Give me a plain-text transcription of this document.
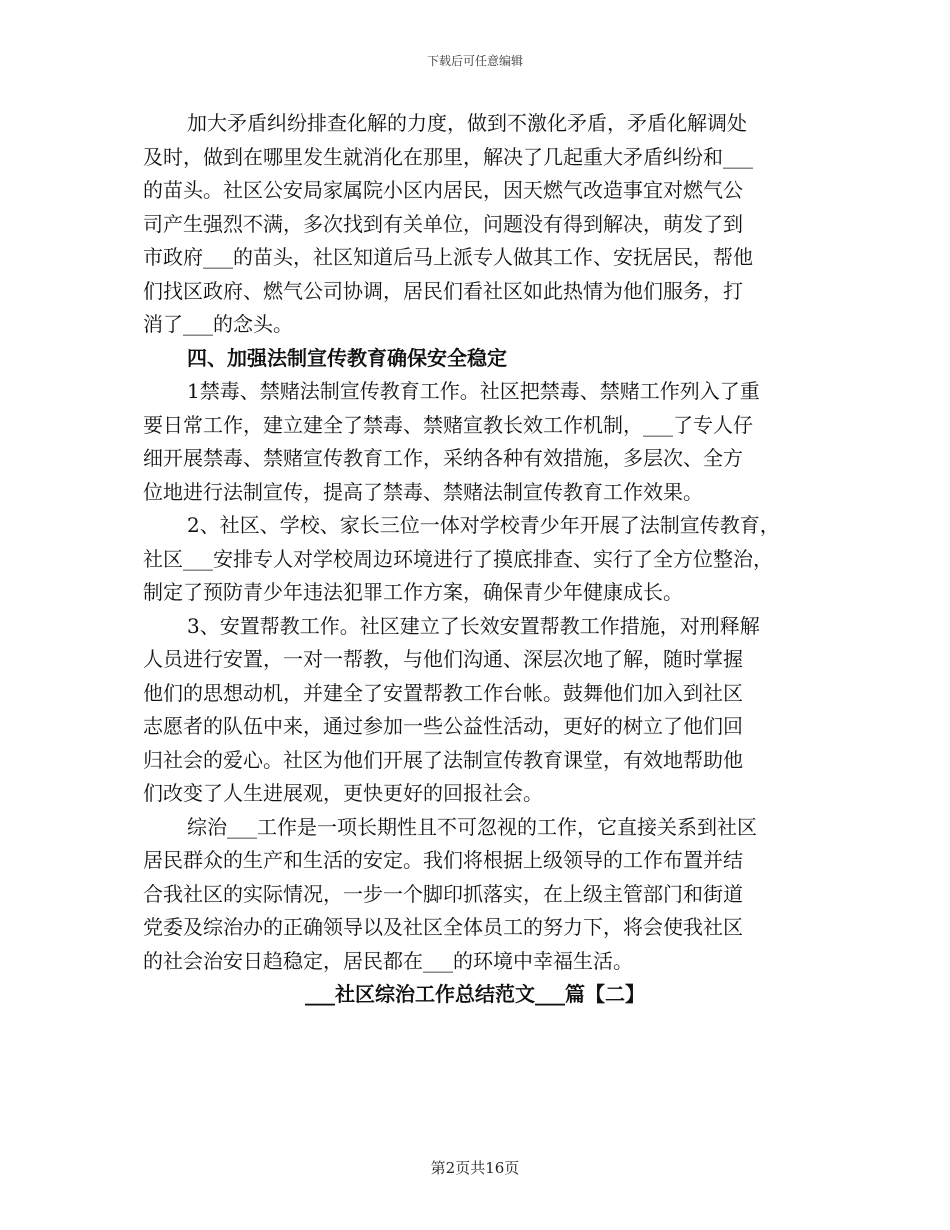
下载后可任意编辑
加大矛盾纠纷排查化解的力度，做到不激化矛盾，矛盾化解调处
及时，做到在哪里发生就消化在那里，解决了几起重大矛盾纠纷和___
的苗头。社区公安局家属院小区内居民，因天燃气改造事宜对燃气公
司产生强烈不满，多次找到有关单位，问题没有得到解决，萌发了到
市政府___的苗头，社区知道后马上派专人做其工作、安抚居民，帮他
们找区政府、燃气公司协调，居民们看社区如此热情为他们服务，打
消了___的念头。
四、加强法制宣传教育确保安全稳定
1禁毒、禁赌法制宣传教育工作。社区把禁毒、禁赌工作列入了重
要日常工作，建立建全了禁毒、禁赌宣教长效工作机制，___了专人仔
细开展禁毒、禁赌宣传教育工作，采纳各种有效措施，多层次、全方
位地进行法制宣传，提高了禁毒、禁赌法制宣传教育工作效果。
2、社区、学校、家长三位一体对学校青少年开展了法制宣传教育，
社区___安排专人对学校周边环境进行了摸底排查、实行了全方位整治，
制定了预防青少年违法犯罪工作方案，确保青少年健康成长。
3、安置帮教工作。社区建立了长效安置帮教工作措施，对刑释解
人员进行安置，一对一帮教，与他们沟通、深层次地了解，随时掌握
他们的思想动机，并建全了安置帮教工作台帐。鼓舞他们加入到社区
志愿者的队伍中来，通过参加一些公益性活动，更好的树立了他们回
归社会的爱心。社区为他们开展了法制宣传教育课堂，有效地帮助他
们改变了人生进展观，更快更好的回报社会。
综治___工作是一项长期性且不可忽视的工作，它直接关系到社区
居民群众的生产和生活的安定。我们将根据上级领导的工作布置并结
合我社区的实际情况，一步一个脚印抓落实，在上级主管部门和街道
党委及综治办的正确领导以及社区全体员工的努力下，将会使我社区
的社会治安日趋稳定，居民都在___的环境中幸福生活。
___社区综治工作总结范文___篇【二】
第2页共16页
